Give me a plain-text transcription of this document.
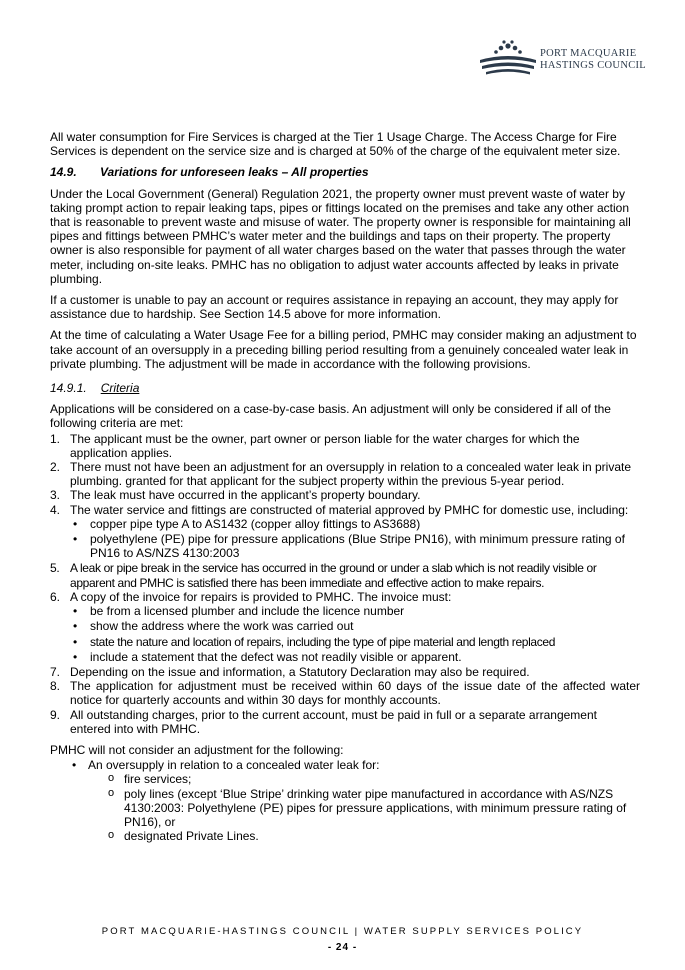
PORT MACQUARIE
HASTINGS COUNCIL

All water consumption for Fire Services is charged at the Tier 1 Usage Charge. The Access Charge for Fire Services is dependent on the service size and is charged at 50% of the charge of the equivalent meter size.

14.9. Variations for unforeseen leaks – All properties

Under the Local Government (General) Regulation 2021, the property owner must prevent waste of water by taking prompt action to repair leaking taps, pipes or fittings located on the premises and take any other action that is reasonable to prevent waste and misuse of water. The property owner is responsible for maintaining all pipes and fittings between PMHC’s water meter and the buildings and taps on their property. The property owner is also responsible for payment of all water charges based on the water that passes through the water meter, including on-site leaks. PMHC has no obligation to adjust water accounts affected by leaks in private plumbing.

If a customer is unable to pay an account or requires assistance in repaying an account, they may apply for assistance due to hardship. See Section 14.5 above for more information.

At the time of calculating a Water Usage Fee for a billing period, PMHC may consider making an adjustment to take account of an oversupply in a preceding billing period resulting from a genuinely concealed water leak in private plumbing. The adjustment will be made in accordance with the following provisions.

14.9.1. Criteria

Applications will be considered on a case-by-case basis. An adjustment will only be considered if all of the following criteria are met:

1. The applicant must be the owner, part owner or person liable for the water charges for which the application applies.
2. There must not have been an adjustment for an oversupply in relation to a concealed water leak in private plumbing. granted for that applicant for the subject property within the previous 5-year period.
3. The leak must have occurred in the applicant’s property boundary.
4. The water service and fittings are constructed of material approved by PMHC for domestic use, including:
• copper pipe type A to AS1432 (copper alloy fittings to AS3688)
• polyethylene (PE) pipe for pressure applications (Blue Stripe PN16), with minimum pressure rating of PN16 to AS/NZS 4130:2003
5. A leak or pipe break in the service has occurred in the ground or under a slab which is not readily visible or apparent and PMHC is satisfied there has been immediate and effective action to make repairs.
6. A copy of the invoice for repairs is provided to PMHC. The invoice must:
• be from a licensed plumber and include the licence number
• show the address where the work was carried out
• state the nature and location of repairs, including the type of pipe material and length replaced
• include a statement that the defect was not readily visible or apparent.
7. Depending on the issue and information, a Statutory Declaration may also be required.
8. The application for adjustment must be received within 60 days of the issue date of the affected water notice for quarterly accounts and within 30 days for monthly accounts.
9. All outstanding charges, prior to the current account, must be paid in full or a separate arrangement entered into with PMHC.

PMHC will not consider an adjustment for the following:

• An oversupply in relation to a concealed water leak for:
o fire services;
o poly lines (except ‘Blue Stripe’ drinking water pipe manufactured in accordance with AS/NZS 4130:2003: Polyethylene (PE) pipes for pressure applications, with minimum pressure rating of PN16), or
o designated Private Lines.
PORT MACQUARIE-HASTINGS COUNCIL | WATER SUPPLY SERVICES POLICY
- 24 -
